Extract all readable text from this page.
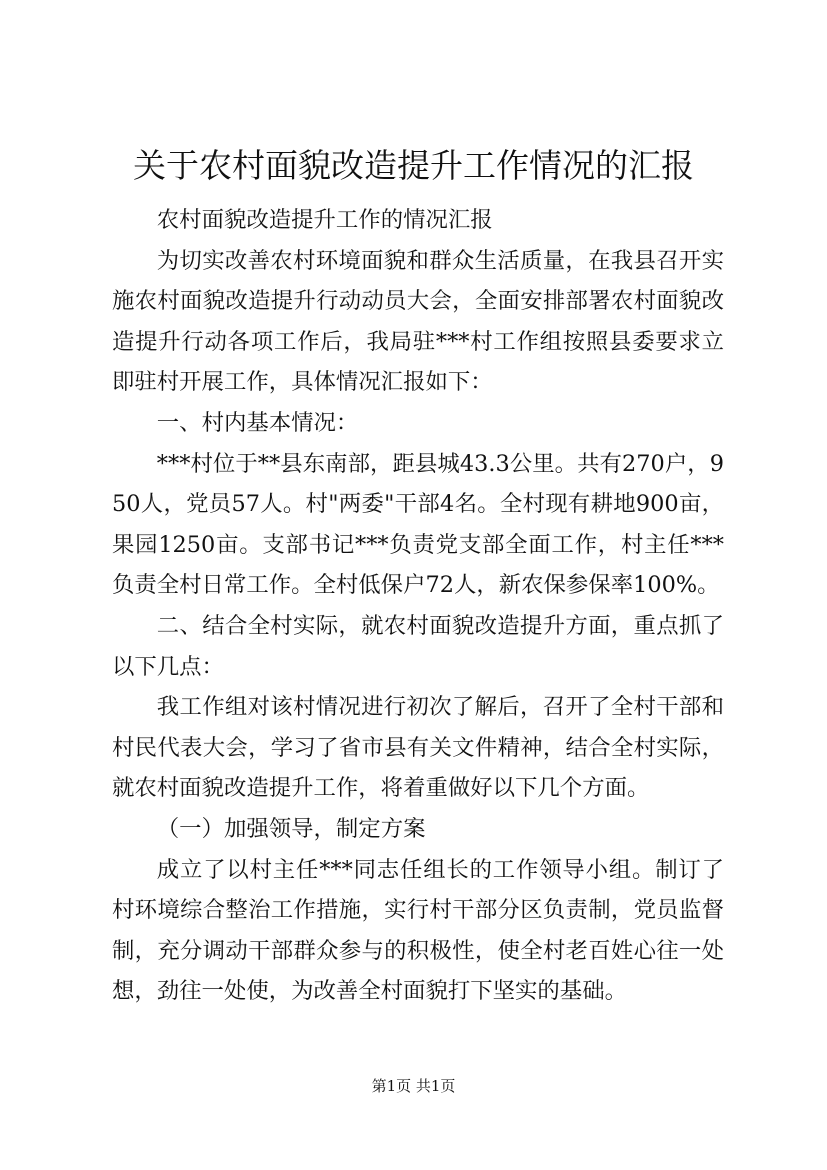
关于农村面貌改造提升工作情况的汇报

农村面貌改造提升工作的情况汇报

为切实改善农村环境面貌和群众生活质量，在我县召开实施农村面貌改造提升行动动员大会，全面安排部署农村面貌改造提升行动各项工作后，我局驻***村工作组按照县委要求立即驻村开展工作，具体情况汇报如下：

一、村内基本情况：

***村位于**县东南部，距县城43.3公里。共有270户，950人，党员57人。村"两委"干部4名。全村现有耕地900亩，果园1250亩。支部书记***负责党支部全面工作，村主任***负责全村日常工作。全村低保户72人，新农保参保率100%。

二、结合全村实际，就农村面貌改造提升方面，重点抓了以下几点：

我工作组对该村情况进行初次了解后，召开了全村干部和村民代表大会，学习了省市县有关文件精神，结合全村实际，就农村面貌改造提升工作，将着重做好以下几个方面。

（一）加强领导，制定方案

成立了以村主任***同志任组长的工作领导小组。制订了村环境综合整治工作措施，实行村干部分区负责制，党员监督制，充分调动干部群众参与的积极性，使全村老百姓心往一处想，劲往一处使，为改善全村面貌打下坚实的基础。

第1页 共1页
